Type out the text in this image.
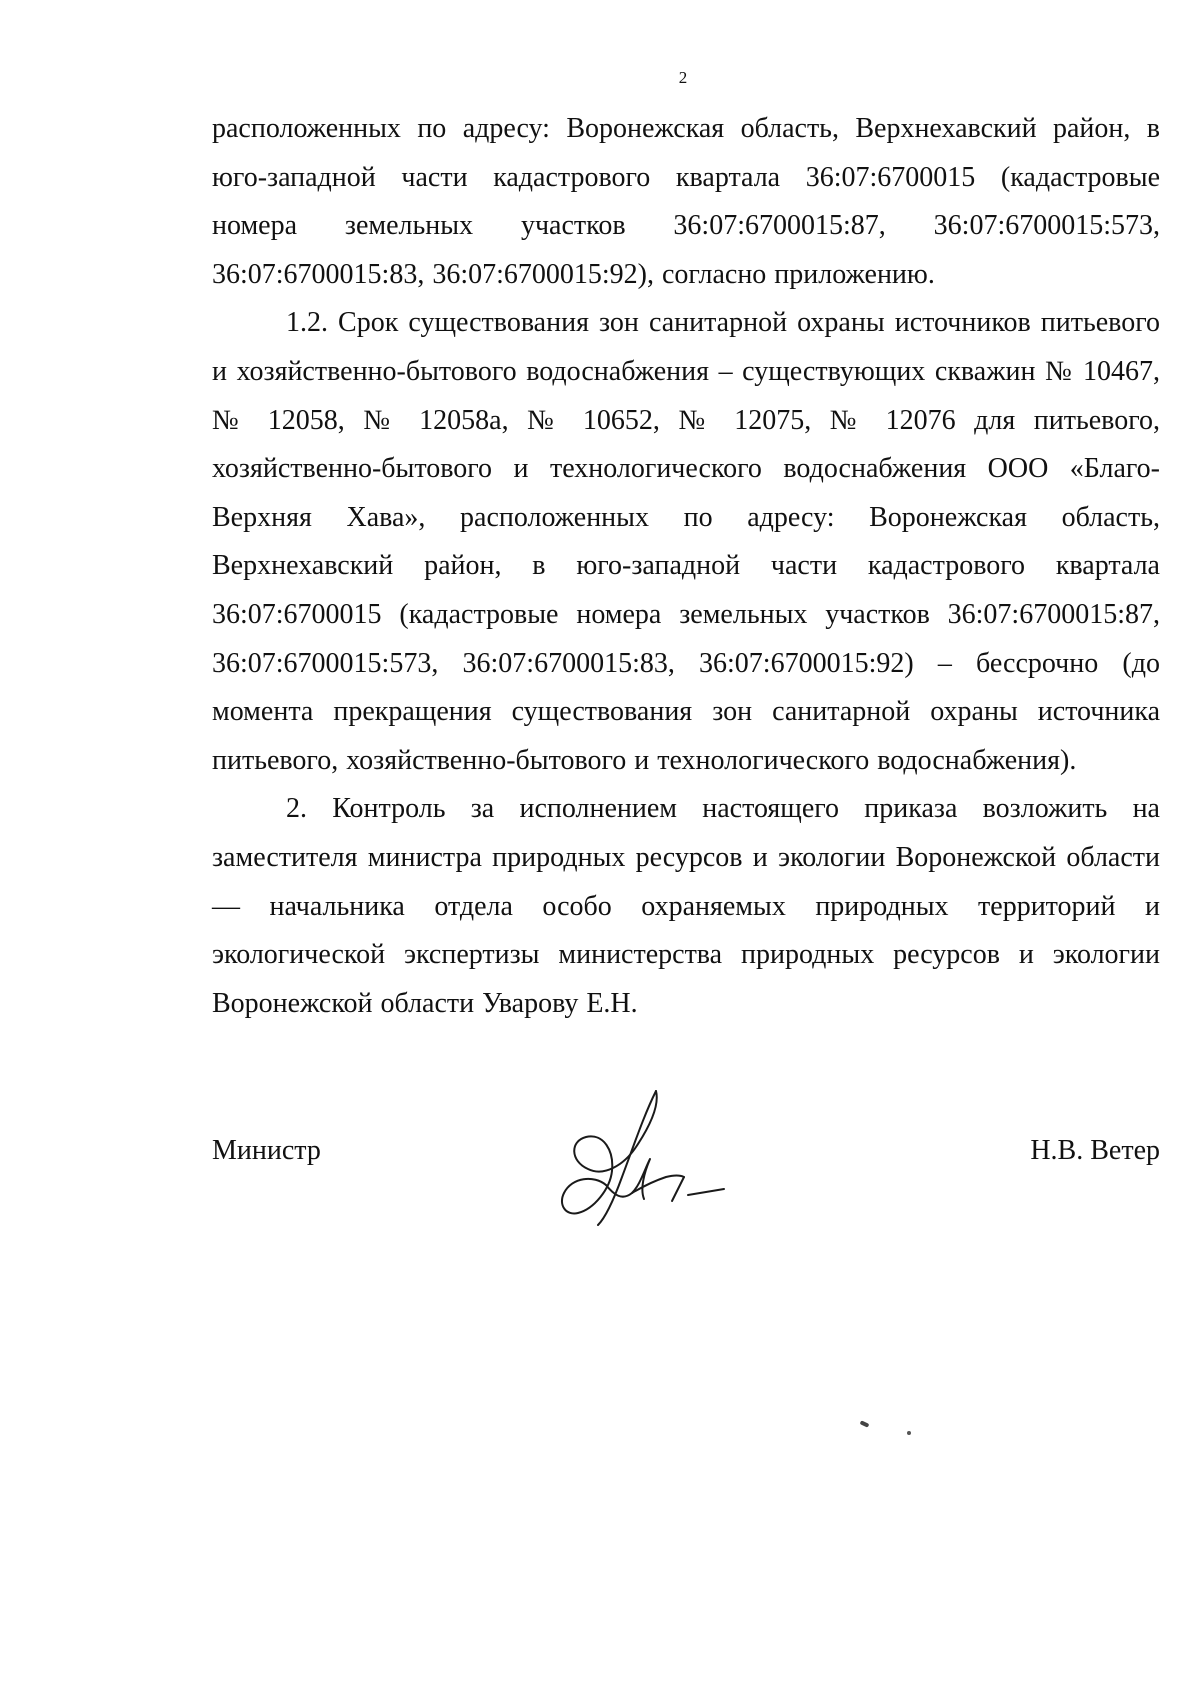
2

расположенных по адресу: Воронежская область, Верхнехавский район, в юго-западной части кадастрового квартала 36:07:6700015 (кадастровые номера земельных участков 36:07:6700015:87, 36:07:6700015:573, 36:07:6700015:83, 36:07:6700015:92), согласно приложению.

1.2. Срок существования зон санитарной охраны источников питьевого и хозяйственно-бытового водоснабжения – существующих скважин № 10467, № 12058, № 12058а, № 10652, № 12075, № 12076 для питьевого, хозяйственно-бытового и технологического водоснабжения ООО «Благо-Верхняя Хава», расположенных по адресу: Воронежская область, Верхнехавский район, в юго-западной части кадастрового квартала 36:07:6700015 (кадастровые номера земельных участков 36:07:6700015:87, 36:07:6700015:573, 36:07:6700015:83, 36:07:6700015:92) – бессрочно (до момента прекращения существования зон санитарной охраны источника питьевого, хозяйственно-бытового и технологического водоснабжения).

2. Контроль за исполнением настоящего приказа возложить на заместителя министра природных ресурсов и экологии Воронежской области — начальника отдела особо охраняемых природных территорий и экологической экспертизы министерства природных ресурсов и экологии Воронежской области Уварову Е.Н.

Министр	Н.В. Ветер
